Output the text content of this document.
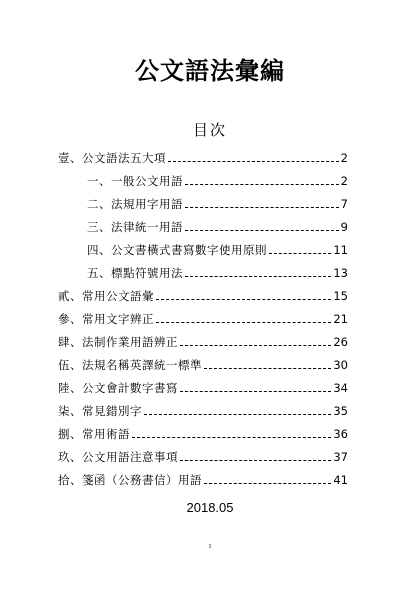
公文語法彙編
目次
壹、公文語法五大項	2
一、一般公文用語	2
二、法規用字用語	7
三、法律統一用語	9
四、公文書橫式書寫數字使用原則	11
五、標點符號用法	13
貳、常用公文語彙	15
參、常用文字辨正	21
肆、法制作業用語辨正	26
伍、法規名稱英譯統一標準	30
陸、公文會計數字書寫	34
柒、常見錯別字	35
捌、常用術語	36
玖、公文用語注意事項	37
拾、箋函（公務書信）用語	41
2018.05
1
